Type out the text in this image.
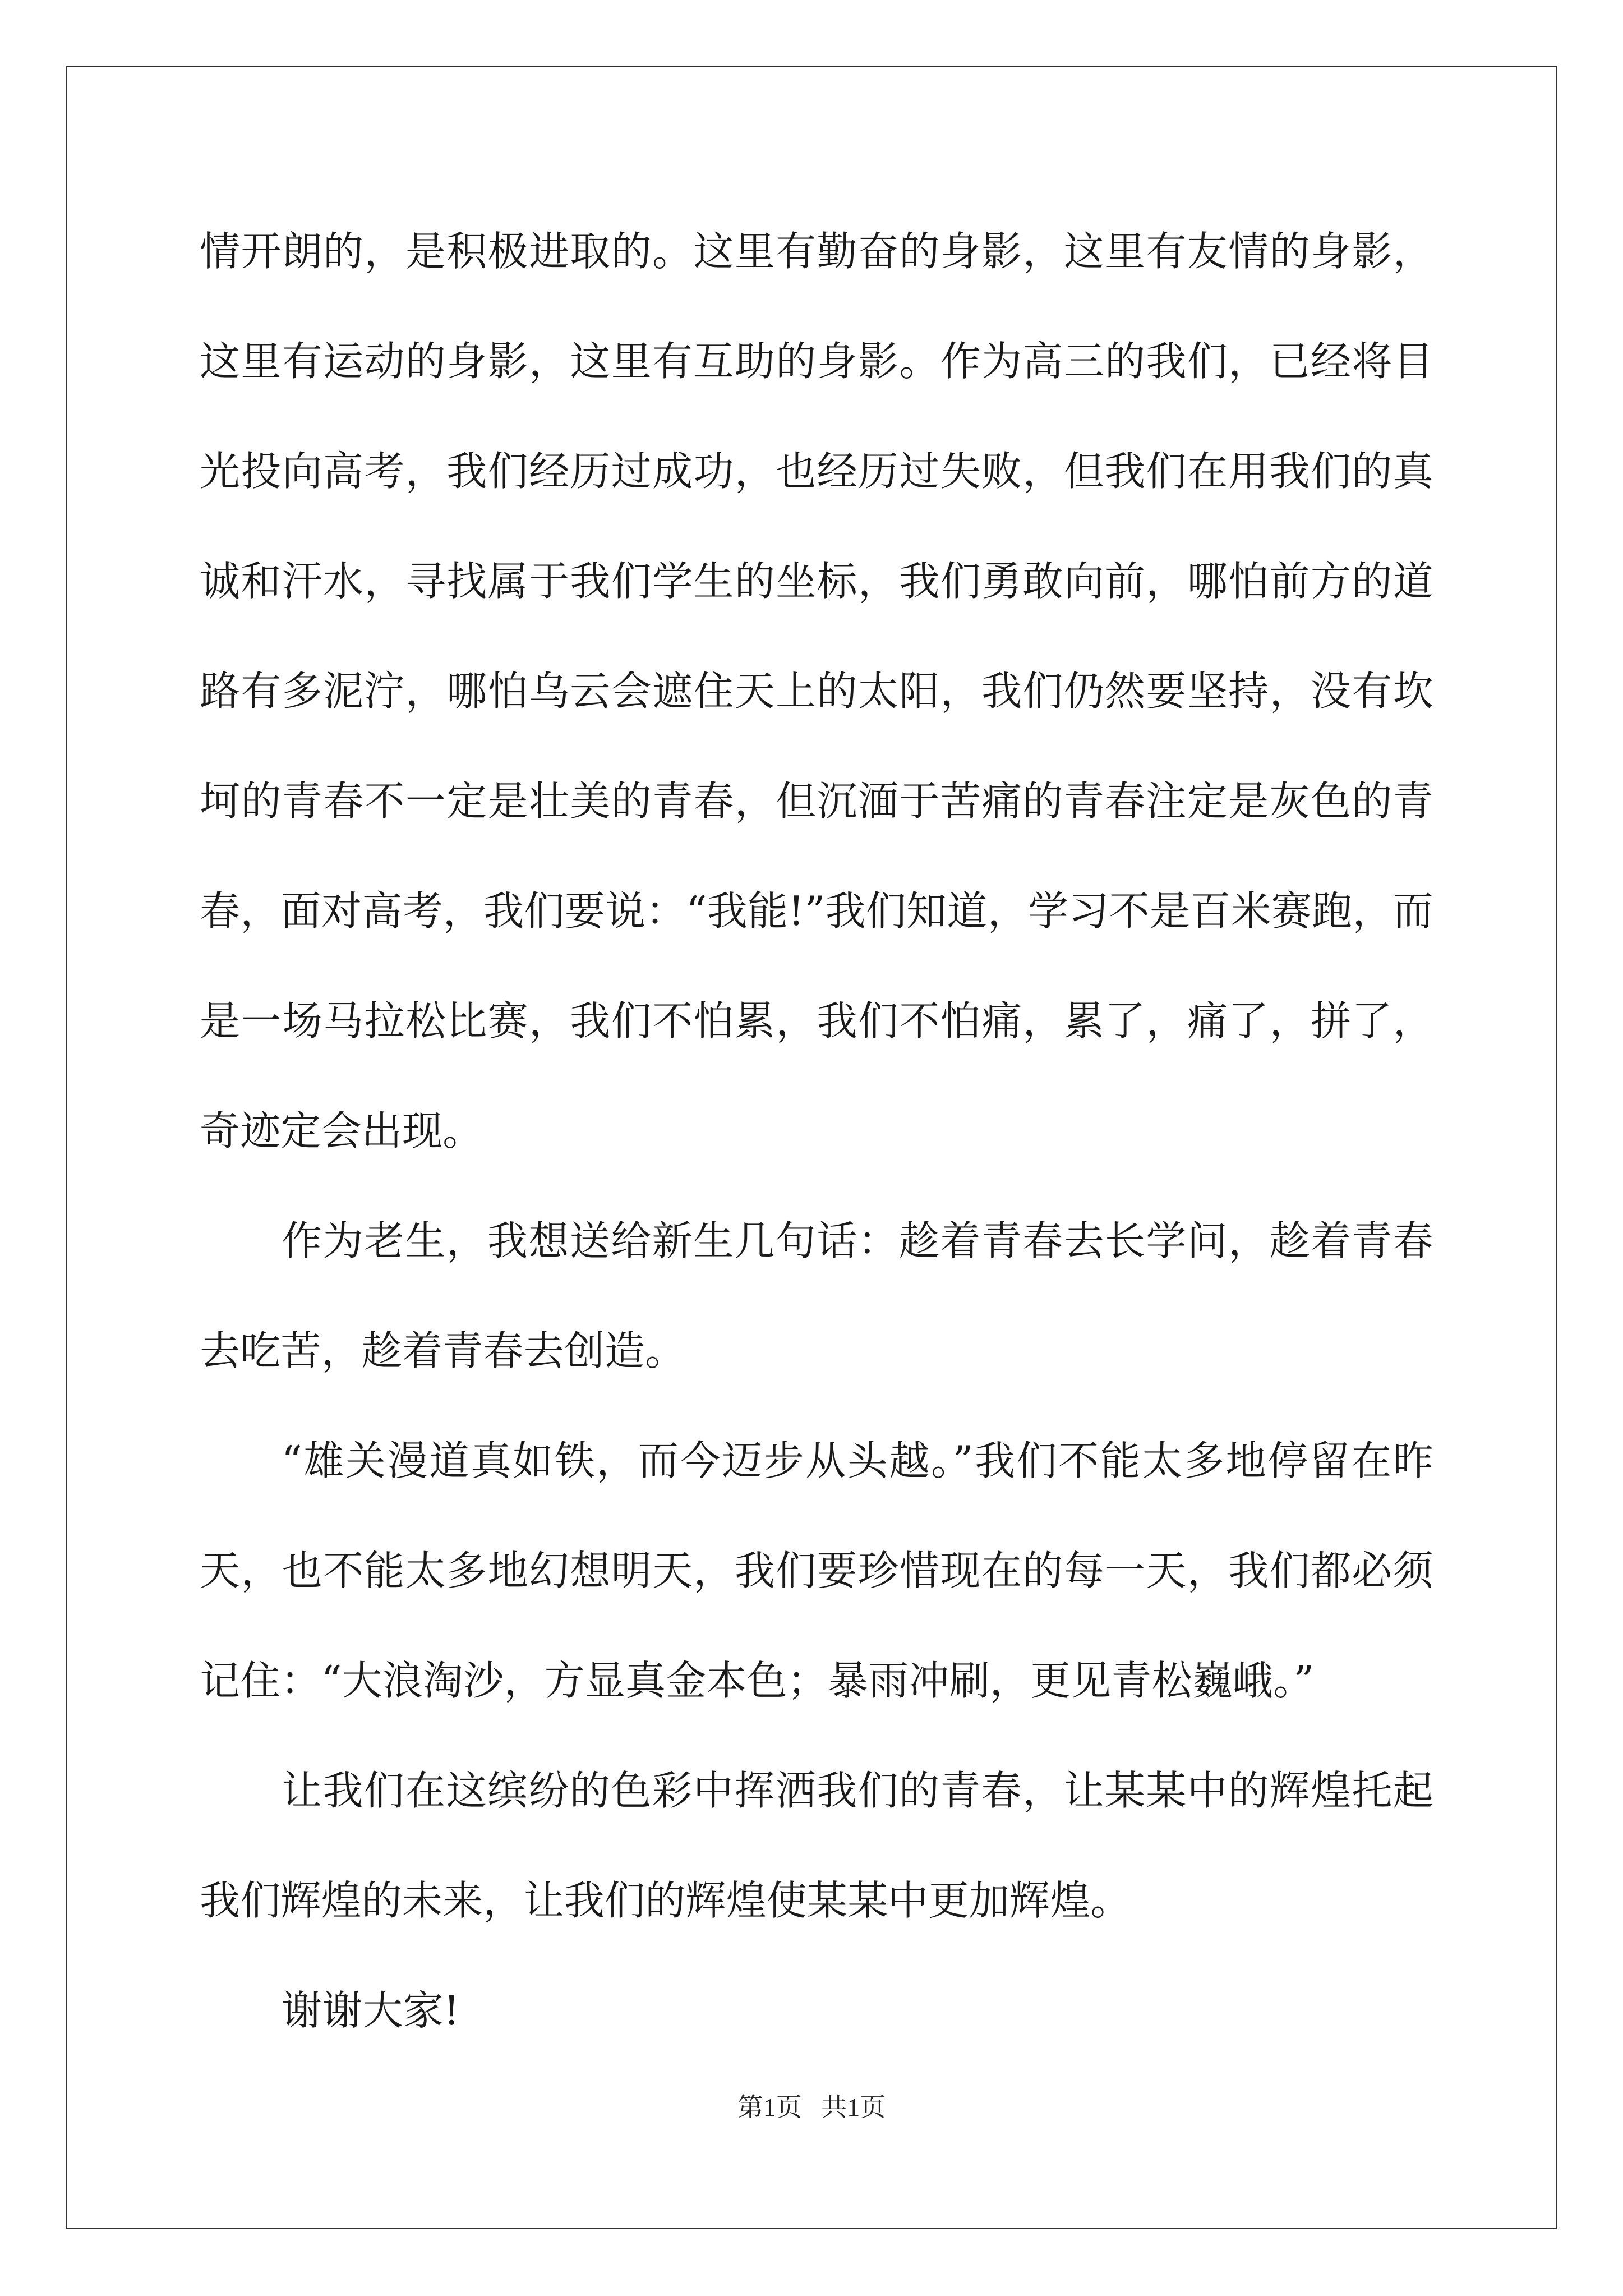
情开朗的，是积极进取的。这里有勤奋的身影，这里有友情的身影，这里有运动的身影，这里有互助的身影。作为高三的我们，已经将目光投向高考，我们经历过成功，也经历过失败，但我们在用我们的真诚和汗水，寻找属于我们学生的坐标，我们勇敢向前，哪怕前方的道路有多泥泞，哪怕乌云会遮住天上的太阳，我们仍然要坚持，没有坎坷的青春不一定是壮美的青春，但沉湎于苦痛的青春注定是灰色的青春，面对高考，我们要说：“我能!”我们知道，学习不是百米赛跑，而是一场马拉松比赛，我们不怕累，我们不怕痛，累了，痛了，拼了，奇迹定会出现。

作为老生，我想送给新生几句话：趁着青春去长学问，趁着青春去吃苦，趁着青春去创造。

“雄关漫道真如铁，而今迈步从头越。”我们不能太多地停留在昨天，也不能太多地幻想明天，我们要珍惜现在的每一天，我们都必须记住：“大浪淘沙，方显真金本色；暴雨冲刷，更见青松巍峨。”

让我们在这缤纷的色彩中挥洒我们的青春，让某某中的辉煌托起我们辉煌的未来，让我们的辉煌使某某中更加辉煌。

谢谢大家!

第1页   共1页
